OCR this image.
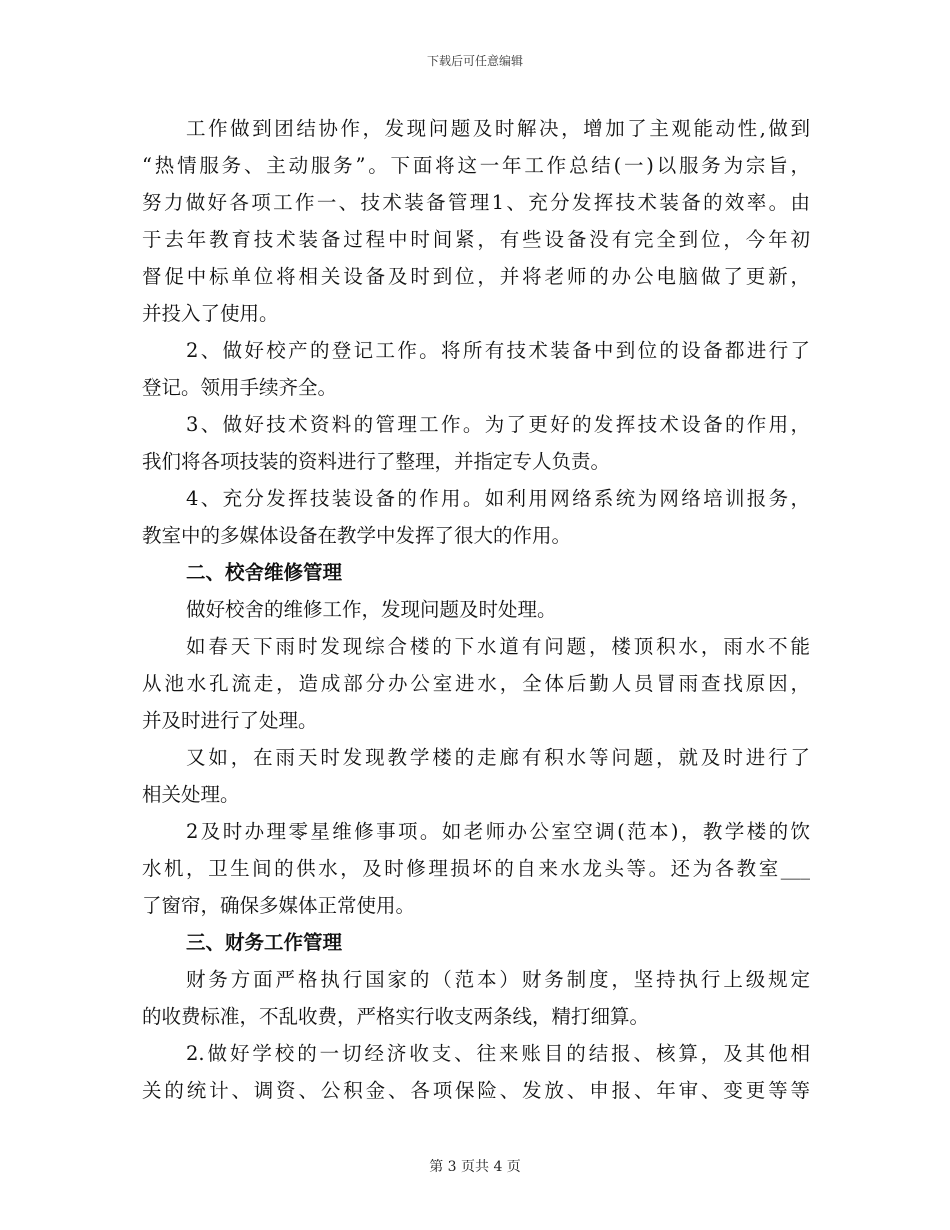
下载后可任意编辑
工作做到团结协作，发现问题及时解决，增加了主观能动性,做到
“热情服务、主动服务”。下面将这一年工作总结(一)以服务为宗旨，
努力做好各项工作一、技术装备管理1、充分发挥技术装备的效率。由
于去年教育技术装备过程中时间紧，有些设备没有完全到位，今年初
督促中标单位将相关设备及时到位，并将老师的办公电脑做了更新，
并投入了使用。
2、做好校产的登记工作。将所有技术装备中到位的设备都进行了
登记。领用手续齐全。
3、做好技术资料的管理工作。为了更好的发挥技术设备的作用，
我们将各项技装的资料进行了整理，并指定专人负责。
4、充分发挥技装设备的作用。如利用网络系统为网络培训报务，
教室中的多媒体设备在教学中发挥了很大的作用。
二、校舍维修管理
做好校舍的维修工作，发现问题及时处理。
如春天下雨时发现综合楼的下水道有问题，楼顶积水，雨水不能
从池水孔流走，造成部分办公室进水，全体后勤人员冒雨查找原因，
并及时进行了处理。
又如，在雨天时发现教学楼的走廊有积水等问题，就及时进行了
相关处理。
2及时办理零星维修事项。如老师办公室空调(范本)，教学楼的饮
水机，卫生间的供水，及时修理损坏的自来水龙头等。还为各教室___
了窗帘，确保多媒体正常使用。
三、财务工作管理
财务方面严格执行国家的（范本）财务制度，坚持执行上级规定
的收费标准，不乱收费，严格实行收支两条线，精打细算。
2.做好学校的一切经济收支、往来账目的结报、核算，及其他相
关的统计、调资、公积金、各项保险、发放、申报、年审、变更等等
第 3 页共 4 页
